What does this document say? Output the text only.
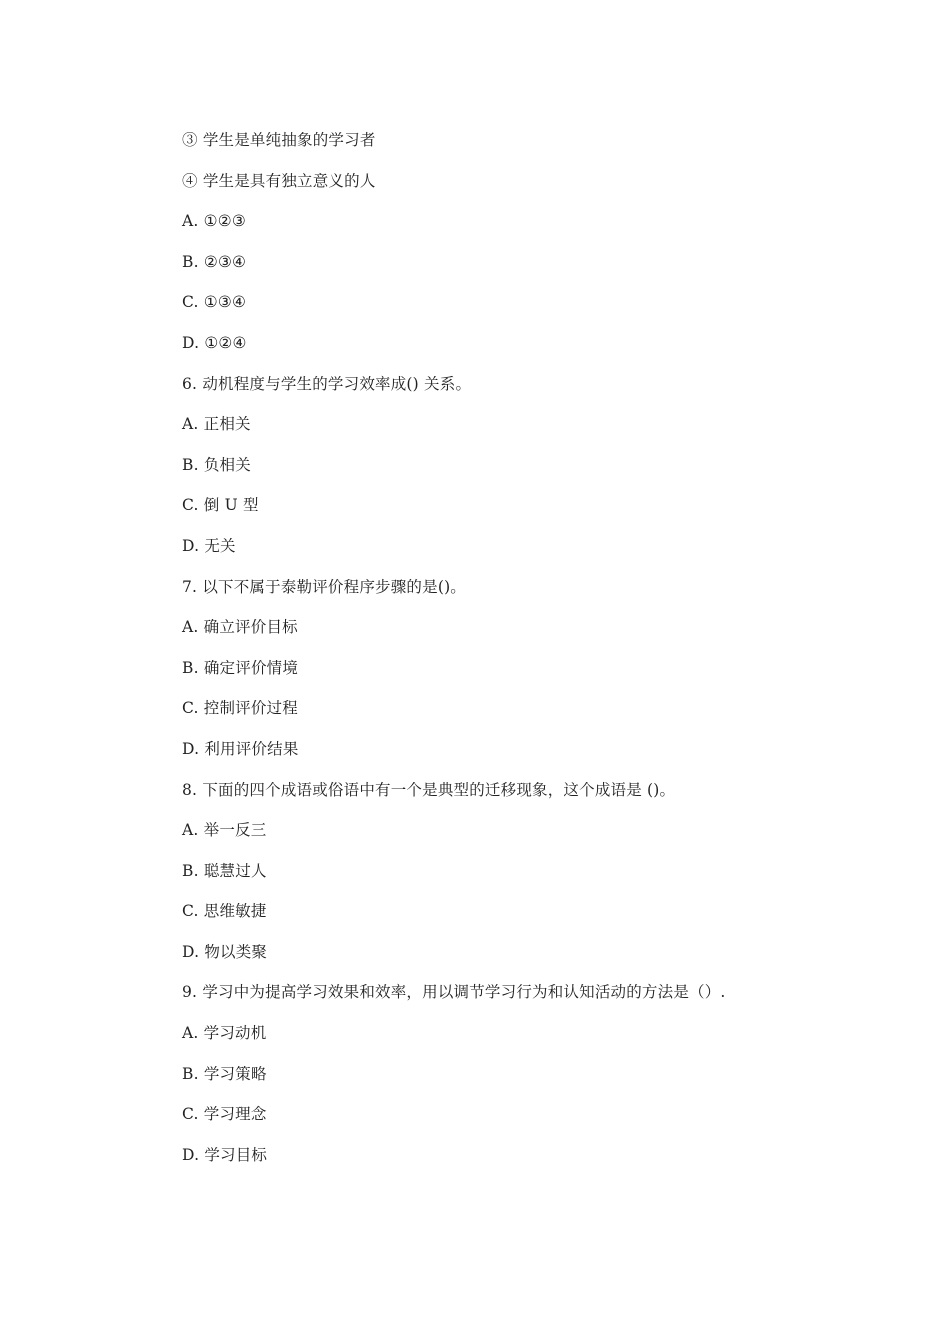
③ 学生是单纯抽象的学习者
④ 学生是具有独立意义的人
A. ①②③
B. ②③④
C. ①③④
D. ①②④
6. 动机程度与学生的学习效率成() 关系。
A. 正相关
B. 负相关
C. 倒 U 型
D. 无关
7. 以下不属于泰勒评价程序步骤的是()。
A. 确立评价目标
B. 确定评价情境
C. 控制评价过程
D. 利用评价结果
8. 下面的四个成语或俗语中有一个是典型的迁移现象，这个成语是 ()。
A. 举一反三
B. 聪慧过人
C. 思维敏捷
D. 物以类聚
9. 学习中为提高学习效果和效率，用以调节学习行为和认知活动的方法是（）.
A. 学习动机
B. 学习策略
C. 学习理念
D. 学习目标
